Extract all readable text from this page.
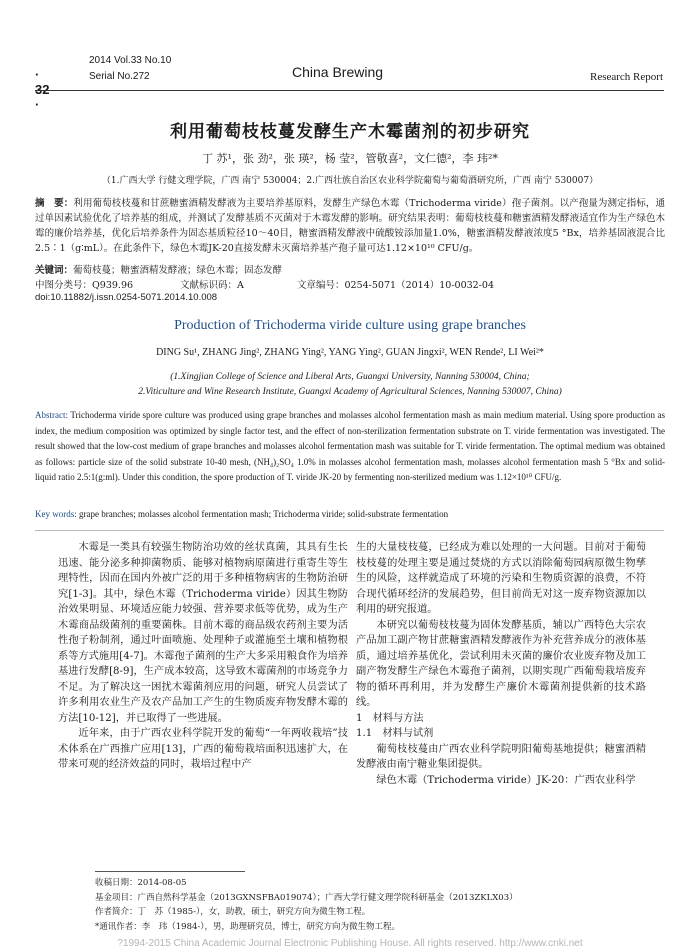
· 32 ·
2014 Vol.33 No.10
Serial No.272	China Brewing	Research Report
利用葡萄枝枝蔓发酵生产木霉菌剂的初步研究
丁 苏¹，张 劲²，张 瑛²，杨 莹²，管敬喜²，文仁德²，李 玮²*
（1.广西大学 行健文理学院，广西 南宁 530004；2.广西壮族自治区农业科学院葡萄与葡萄酒研究所，广西 南宁 530007）
摘　要：利用葡萄枝枝蔓和甘蔗糖蜜酒精发酵液为主要培养基原料，发酵生产绿色木霉（Trichoderma viride）孢子菌剂。以产孢量为测定指标，通过单因素试验优化了培养基的组成，并测试了发酵基质不灭菌对于木霉发酵的影响。研究结果表明：葡萄枝枝蔓和糖蜜酒精发酵液适宜作为生产绿色木霉的廉价培养基，优化后培养条件为固态基质粒径10～40目，糖蜜酒精发酵液中硫酸铵添加量1.0%，糖蜜酒精发酵液浓度5 °Bx，培养基固液混合比2.5∶1（g∶mL）。在此条件下，绿色木霉JK-20直接发酵未灭菌培养基产孢子量可达1.12×10¹⁰ CFU/g。
关键词：葡萄枝蔓；糖蜜酒精发酵液；绿色木霉；固态发酵
中图分类号：Q939.96	文献标识码：A	文章编号：0254-5071（2014）10-0032-04
doi:10.11882/j.issn.0254-5071.2014.10.008
Production of Trichoderma viride culture using grape branches
DING Su¹, ZHANG Jing², ZHANG Ying², YANG Ying², GUAN Jingxi², WEN Rende², LI Wei²*
(1.Xingjian College of Science and Liberal Arts, Guangxi University, Nanning 530004, China;
2.Viticulture and Wine Research Institute, Guangxi Academy of Agricultural Sciences, Nanning 530007, China)
Abstract: Trichoderma viride spore culture was produced using grape branches and molasses alcohol fermentation mash as main medium material. Using spore production as index, the medium composition was optimized by single factor test, and the effect of non-sterilization fermentation substrate on T. viride fermentation was investigated. The result showed that the low-cost medium of grape branches and molasses alcohol fermentation mash was suitable for T. viride fermentation. The optimal medium was obtained as follows: particle size of the solid substrate 10-40 mesh, (NH₄)₂SO₄ 1.0% in molasses alcohol fermentation mash, molasses alcohol fermentation mash 5 °Bx and solid-liquid ratio 2.5:1(g:ml). Under this condition, the spore production of T. viride JK-20 by fermenting non-sterilized medium was 1.12×10¹⁰ CFU/g.
Key words: grape branches; molasses alcohol fermentation mash; Trichoderma viride; solid-substrate fermentation

木霉是一类具有较强生物防治功效的丝状真菌，其具有生长迅速、能分泌多种抑菌物质、能够对植物病原菌进行重寄生等生理特性，因而在国内外被广泛的用于多种植物病害的生物防治研究[1-3]。其中，绿色木霉（Trichoderma viride）因其生物防治效果明显、环境适应能力较强、营养要求低等优势，成为生产木霉商品级菌剂的重要菌株。目前木霉的商品级农药剂主要为活性孢子粉制剂，通过叶面喷施、处理种子或灌施至土壤和植物根系等方式施用[4-7]。木霉孢子菌剂的生产大多采用粮食作为培养基进行发酵[8-9]，生产成本较高，这导致木霉菌剂的市场竞争力不足。为了解决这一困扰木霉菌剂应用的问题，研究人员尝试了许多利用农业生产及农产品加工产生的生物质废弃物发酵木霉的方法[10-12]，并已取得了一些进展。

近年来，由于广西农业科学院开发的葡萄“一年两收栽培”技术体系在广西推广应用[13]，广西的葡萄栽培面积迅速扩大，在带来可观的经济效益的同时，栽培过程中产

生的大量枝枝蔓，已经成为难以处理的一大问题。目前对于葡萄枝枝蔓的处理主要是通过焚烧的方式以消除葡萄园病原微生物孳生的风险，这样就造成了环境的污染和生物质资源的浪费，不符合现代循环经济的发展趋势，但目前尚无对这一废弃物资源加以利用的研究报道。

本研究以葡萄枝枝蔓为固体发酵基质，辅以广西特色大宗农产品加工副产物甘蔗糖蜜酒精发酵液作为补充营养成分的液体基质，通过培养基优化，尝试利用未灭菌的廉价农业废弃物及加工副产物发酵生产绿色木霉孢子菌剂，以期实现广西葡萄栽培废弃物的循环再利用，并为发酵生产廉价木霉菌剂提供新的技术路线。

1　材料与方法

1.1　材料与试剂

葡萄枝枝蔓由广西农业科学院明阳葡萄基地提供；糖蜜酒精发酵液由南宁糖业集团提供。

绿色木霉（Trichoderma viride）JK-20：广西农业科学

收稿日期：2014-08-05
基金项目：广西自然科学基金（2013GXNSFBA019074）；广西大学行健文理学院科研基金（2013ZKLX03）
作者简介：丁　苏（1985-），女，助教，硕士，研究方向为微生物工程。
*通讯作者：李　玮（1984-），男，助理研究员，博士，研究方向为微生物工程。
?1994-2015 China Academic Journal Electronic Publishing House. All rights reserved. http://www.cnki.net
